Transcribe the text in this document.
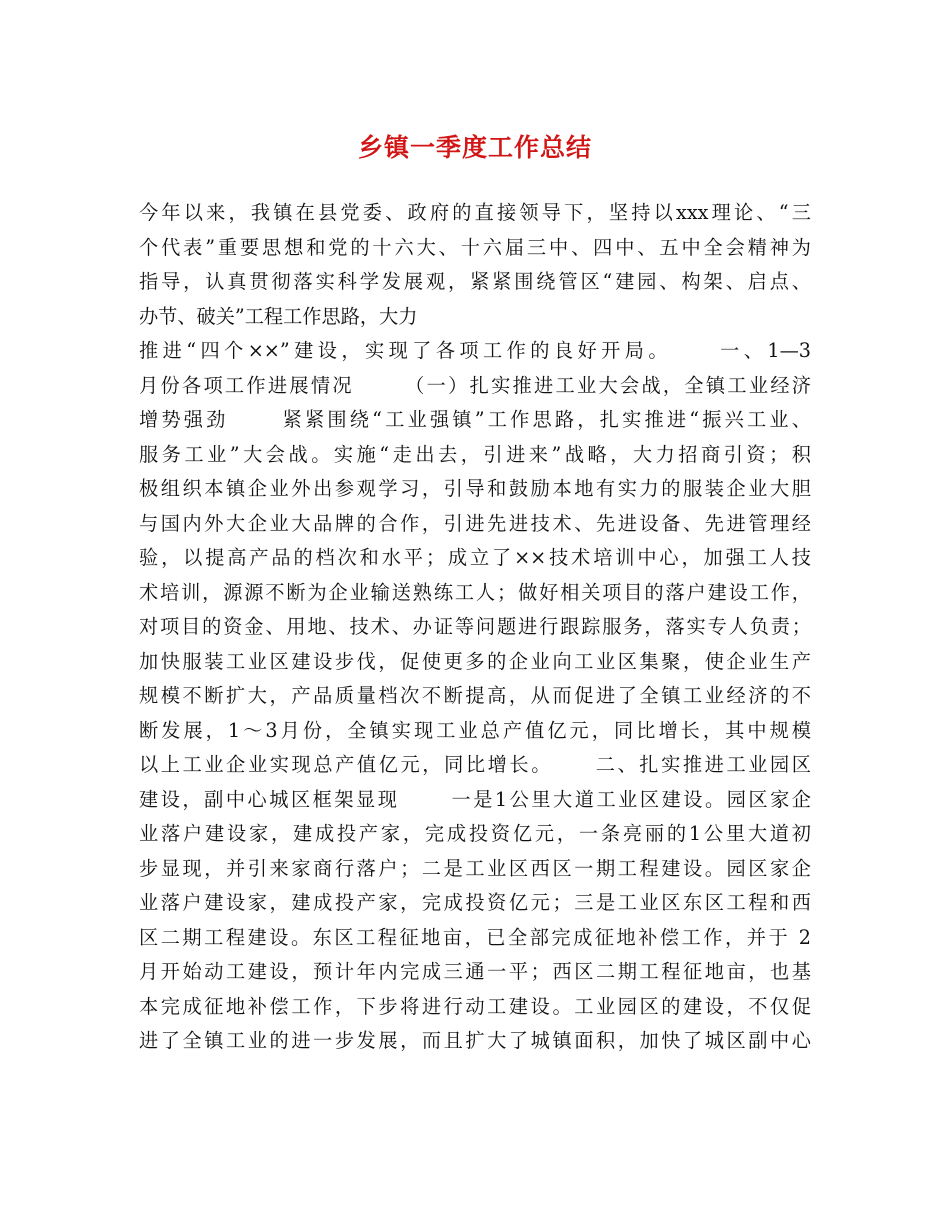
乡镇一季度工作总结
今年以来，我镇在县党委、政府的直接领导下，坚持以xxx理论、“三
个代表”重要思想和党的十六大、十六届三中、四中、五中全会精神为
指导，认真贯彻落实科学发展观，紧紧围绕管区“建园、构架、启点、
办节、破关”工程工作思路，大力
推进“四个××”建设，实现了各项工作的良好开局。　　 一、1—3
月份各项工作进展情况　　 （一）扎实推进工业大会战，全镇工业经济
增势强劲　　 紧紧围绕“工业强镇”工作思路，扎实推进“振兴工业、
服务工业”大会战。实施“走出去，引进来”战略，大力招商引资；积
极组织本镇企业外出参观学习，引导和鼓励本地有实力的服装企业大胆
与国内外大企业大品牌的合作，引进先进技术、先进设备、先进管理经
验，以提高产品的档次和水平；成立了××技术培训中心，加强工人技
术培训，源源不断为企业输送熟练工人；做好相关项目的落户建设工作，
对项目的资金、用地、技术、办证等问题进行跟踪服务，落实专人负责；
加快服装工业区建设步伐，促使更多的企业向工业区集聚，使企业生产
规模不断扩大，产品质量档次不断提高，从而促进了全镇工业经济的不
断发展，1～3月份，全镇实现工业总产值亿元，同比增长，其中规模
以上工业企业实现总产值亿元，同比增长。　　 二、扎实推进工业园区
建设，副中心城区框架显现　　 一是1公里大道工业区建设。园区家企
业落户建设家，建成投产家，完成投资亿元，一条亮丽的1公里大道初
步显现，并引来家商行落户；二是工业区西区一期工程建设。园区家企
业落户建设家，建成投产家，完成投资亿元；三是工业区东区工程和西
区二期工程建设。东区工程征地亩，已全部完成征地补偿工作，并于 2
月开始动工建设，预计年内完成三通一平；西区二期工程征地亩，也基
本完成征地补偿工作，下步将进行动工建设。工业园区的建设，不仅促
进了全镇工业的进一步发展，而且扩大了城镇面积，加快了城区副中心
